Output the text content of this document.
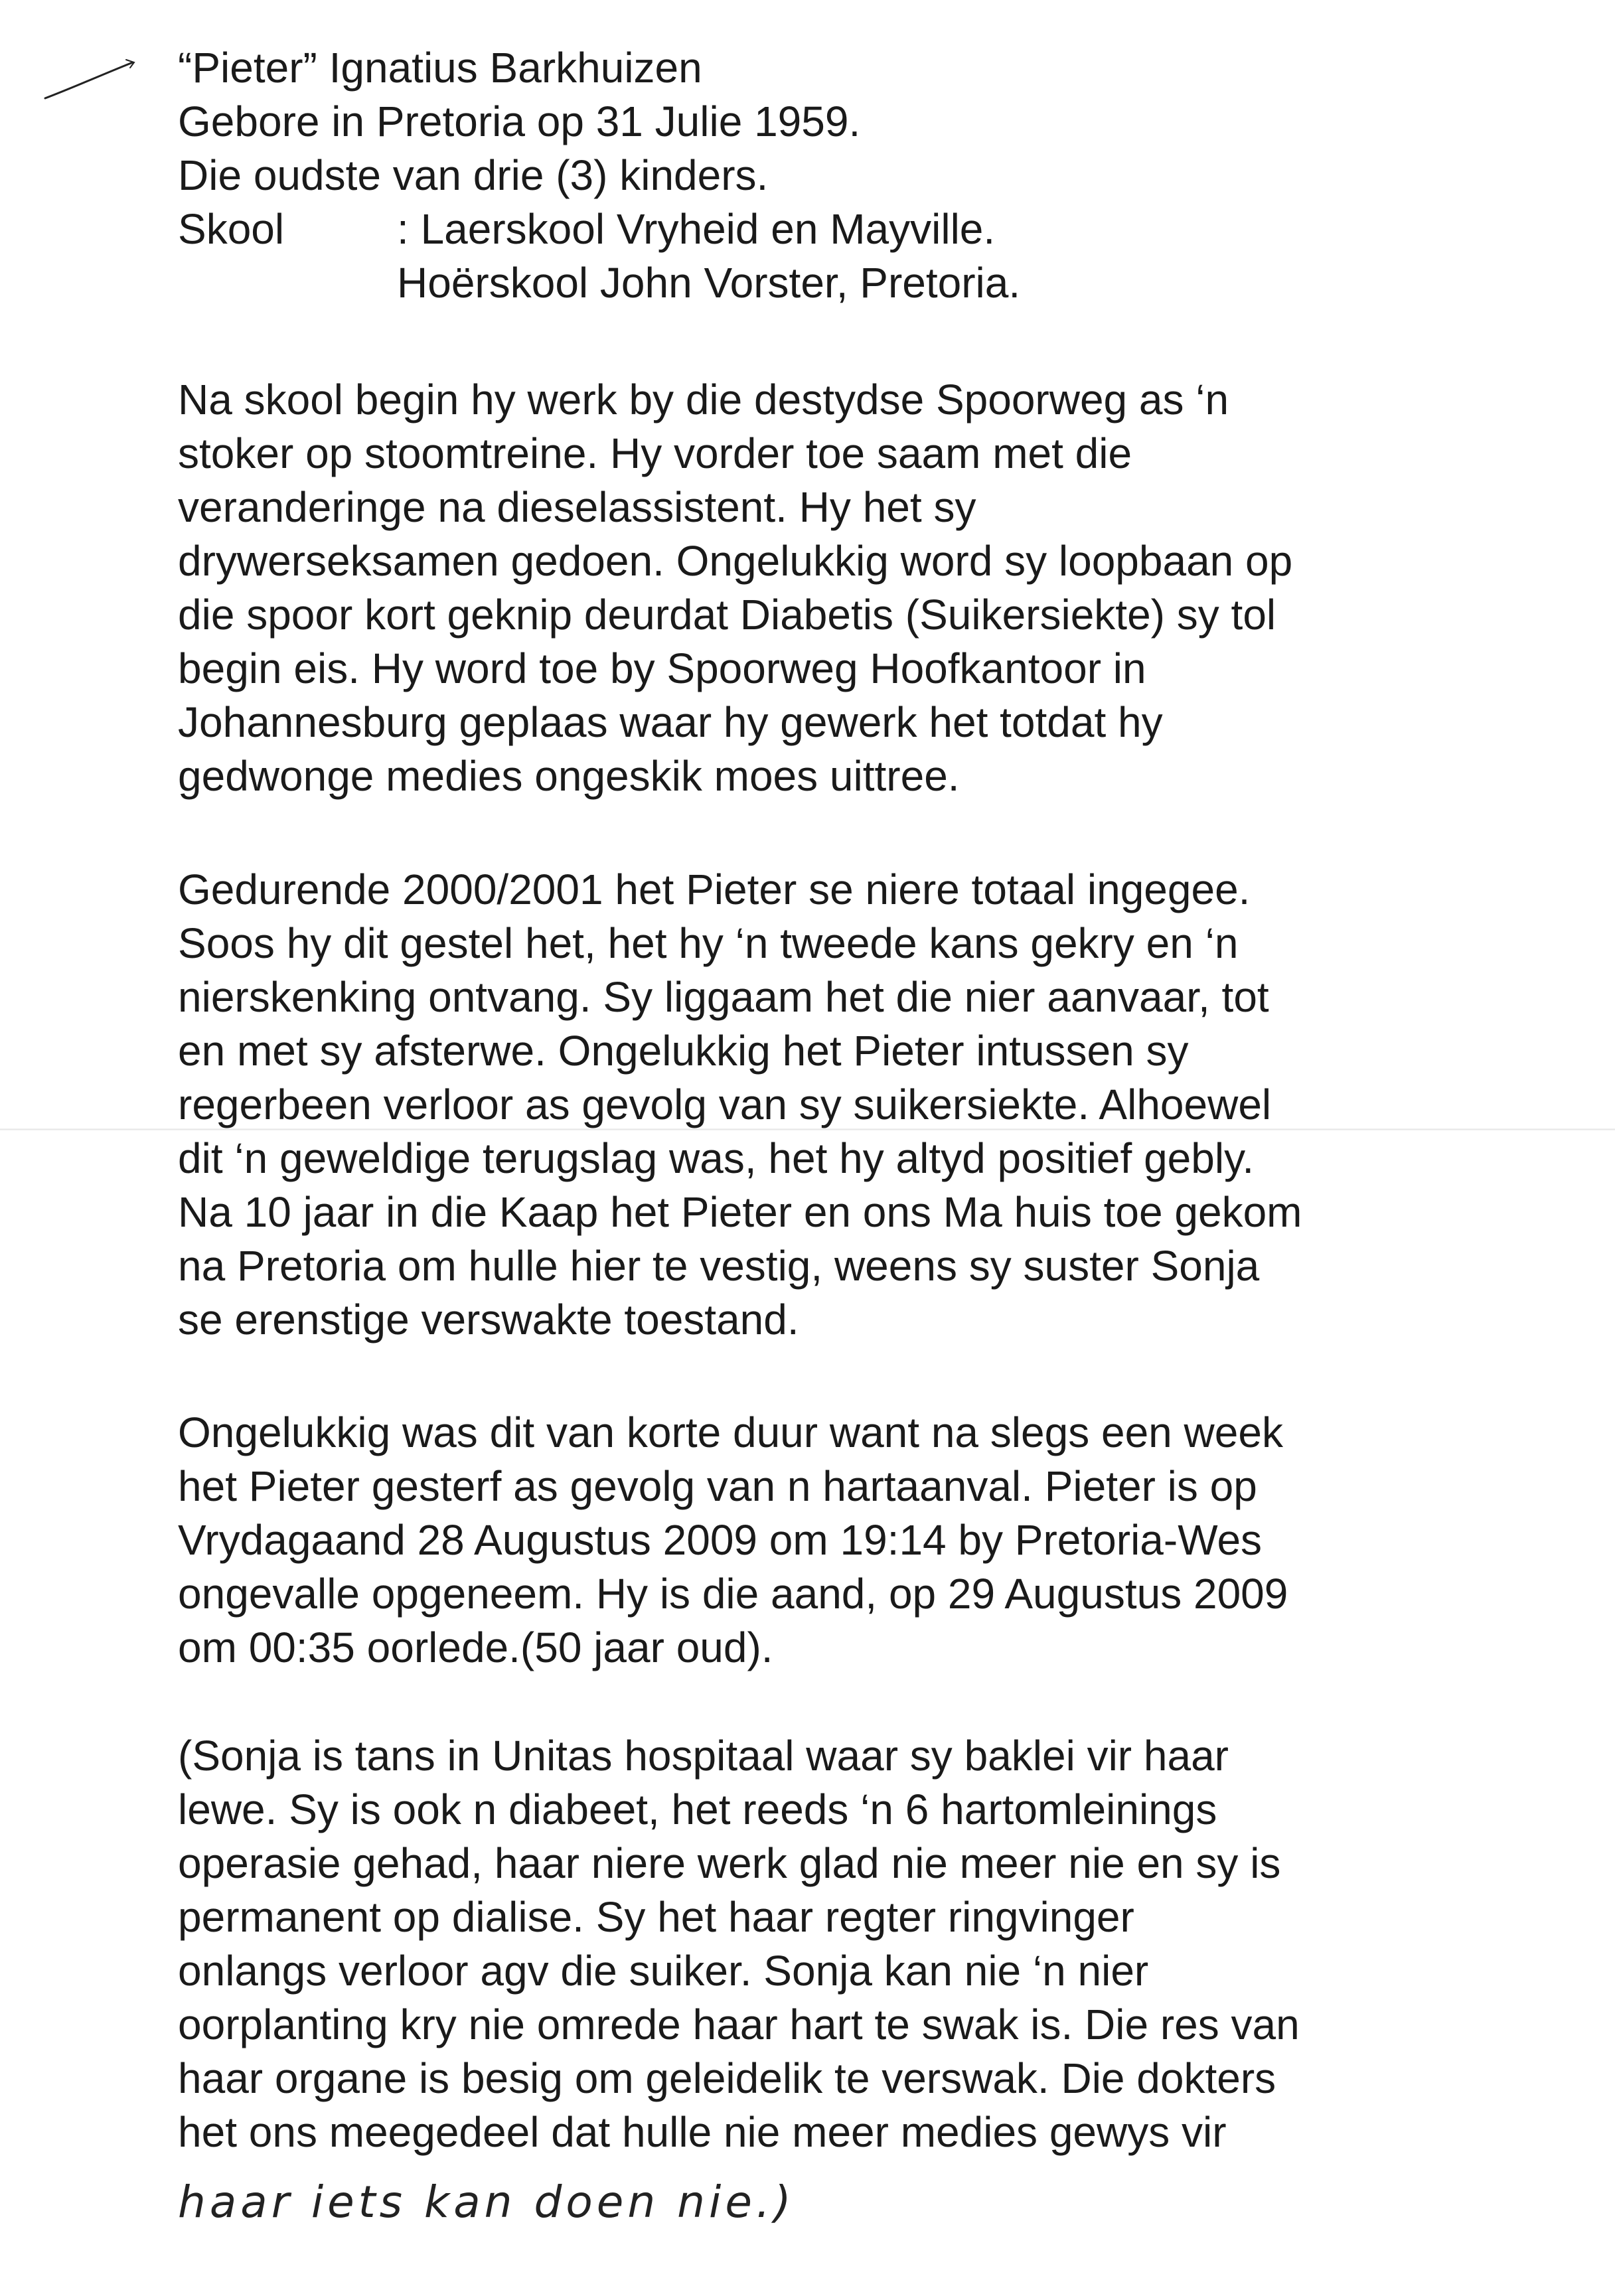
“Pieter” Ignatius Barkhuizen
Gebore in Pretoria op 31 Julie 1959.
Die oudste van drie (3) kinders.
Skool	: Laerskool Vryheid en Mayville.
Hoërskool John Vorster, Pretoria.
Na skool begin hy werk by die destydse Spoorweg as ‘n
stoker op stoomtreine. Hy vorder toe saam met die
veranderinge na dieselassistent. Hy het sy
drywerseksamen gedoen. Ongelukkig word sy loopbaan op
die spoor kort geknip deurdat Diabetis (Suikersiekte) sy tol
begin eis. Hy word toe by Spoorweg Hoofkantoor in
Johannesburg geplaas waar hy gewerk het totdat hy
gedwonge medies ongeskik moes uittree.
Gedurende 2000/2001 het Pieter se niere totaal ingegee.
Soos hy dit gestel het, het hy ‘n tweede kans gekry en ‘n
nierskenking ontvang. Sy liggaam het die nier aanvaar, tot
en met sy afsterwe. Ongelukkig het Pieter intussen sy
regerbeen verloor as gevolg van sy suikersiekte. Alhoewel
dit ‘n geweldige terugslag was, het hy altyd positief gebly.
Na 10 jaar in die Kaap het Pieter en ons Ma huis toe gekom
na Pretoria om hulle hier te vestig, weens sy suster Sonja
se erenstige verswakte toestand.
Ongelukkig was dit van korte duur want na slegs een week
het Pieter gesterf as gevolg van n hartaanval. Pieter is op
Vrydagaand 28 Augustus 2009 om 19:14 by Pretoria-Wes
ongevalle opgeneem. Hy is die aand, op 29 Augustus 2009
om 00:35 oorlede.(50 jaar oud).
(Sonja is tans in Unitas hospitaal waar sy baklei vir haar
lewe. Sy is ook n diabeet, het reeds ‘n 6 hartomleinings
operasie gehad, haar niere werk glad nie meer nie en sy is
permanent op dialise. Sy het haar regter ringvinger
onlangs verloor agv die suiker. Sonja kan nie ‘n nier
oorplanting kry nie omrede haar hart te swak is. Die res van
haar organe is besig om geleidelik te verswak. Die dokters
het ons meegedeel dat hulle nie meer medies gewys vir
haar iets kan doen nie.)
